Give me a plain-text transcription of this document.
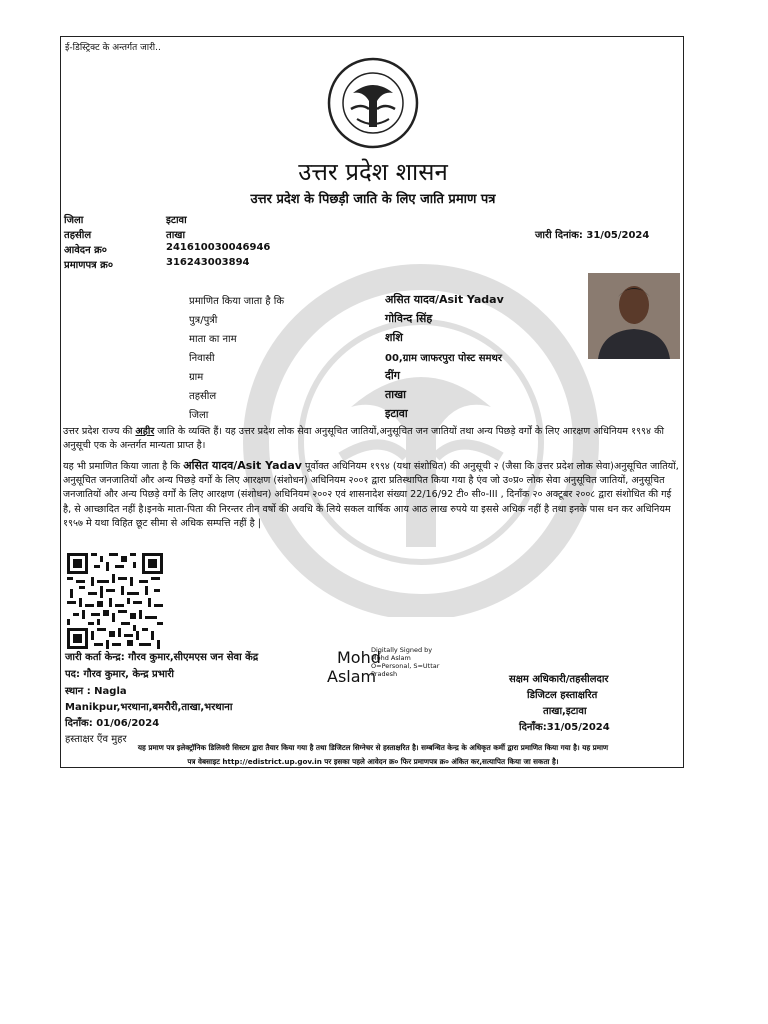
ई-डिस्ट्रिक्ट के अन्तर्गत जारी..
उत्तर प्रदेश शासन
उत्तर प्रदेश के पिछड़ी जाति के लिए जाति प्रमाण पत्र
जिला	इटावा
तहसील	ताखा
आवेदन क्र०	241610030046946
प्रमाणपत्र क्र०	316243003894
जारी दिनांक: 31/05/2024
प्रमाणित किया जाता है कि	असित यादव/Asit Yadav
पुत्र/पुत्री	गोविन्द सिंह
माता का नाम	शशि
निवासी	00,ग्राम जाफरपुरा पोस्ट समथर
ग्राम	दींग
तहसील	ताखा
जिला	इटावा
उत्तर प्रदेश राज्य की अहीर जाति के व्यक्ति हैं। यह उत्तर प्रदेश लोक सेवा अनुसूचित जातियों,अनुसूचित जन जातियों तथा अन्य पिछड़े वर्गों के लिए आरक्षण अधिनियम १९९४ की अनुसूची एक के अन्तर्गत मान्यता प्राप्त है।
यह भी प्रमाणित किया जाता है कि असित यादव/Asit Yadav पूर्वोक्त अधिनियम १९९४ (यथा संशोधित) की अनुसूची २ (जैसा कि उत्तर प्रदेश लोक सेवा)अनुसूचित जातियों, अनुसूचित जनजातियों और अन्य पिछड़े वर्गों के लिए आरक्षण (संशोधन) अधिनियम २००१ द्वारा प्रतिस्थापित किया गया है एंव जो उ०प्र० लोक सेवा अनुसूचित जातियों, अनुसूचित जनजातियों और अन्य पिछड़े वर्गों के लिए आरक्षण (संशोधन) अधिनियम २००२ एवं शासनादेश संख्या 22/16/92 टी० सी०-III , दिनाँक २० अक्टूबर २००८ द्वारा संशोधित की गई है, से आच्छादित नहीं है।इनके माता-पिता की निरन्तर तीन वर्षो की अवधि के लिये सकल वार्षिक आय आठ लाख रुपये या इससे अधिक नहीं है तथा इनके पास धन कर अधिनियम १९५७ मे यथा विहित छूट सीमा से अधिक सम्पत्ति नहीं है |
जारी कर्ता केन्द्र: गौरव कुमार,सीएमएस जन सेवा केंद्र
पद: गौरव कुमार, केन्द्र प्रभारी
स्थान : Nagla
Manikpur,भरथाना,बमरौरी,ताखा,भरथाना
दिनाँक: 01/06/2024
हस्ताक्षर एँव मुहर
Mohd
Aslam
Digitally Signed by
Mohd Aslam
O=Personal, S=Uttar
Pradesh	सक्षम अधिकारी/तहसीलदार
डिजिटल हस्ताक्षरित
ताखा,इटावा
दिनाँक:31/05/2024
यह प्रमाण पत्र इलेक्ट्रॉनिक डिलिवरी सिस्टम द्वारा तैयार किया गया है तथा डिजिटल सिग्नेचर से हस्ताक्षरित है। सम्बन्धित केन्द्र के अधिकृत कर्मी द्वारा प्रमाणित किया गया है। यह प्रमाण
पत्र वेबसाइट http://edistrict.up.gov.in पर इसका पहले आवेदन क्र० फिर प्रमाणपत्र क्र० अंकित कर,सत्यापित किया जा सकता है।
